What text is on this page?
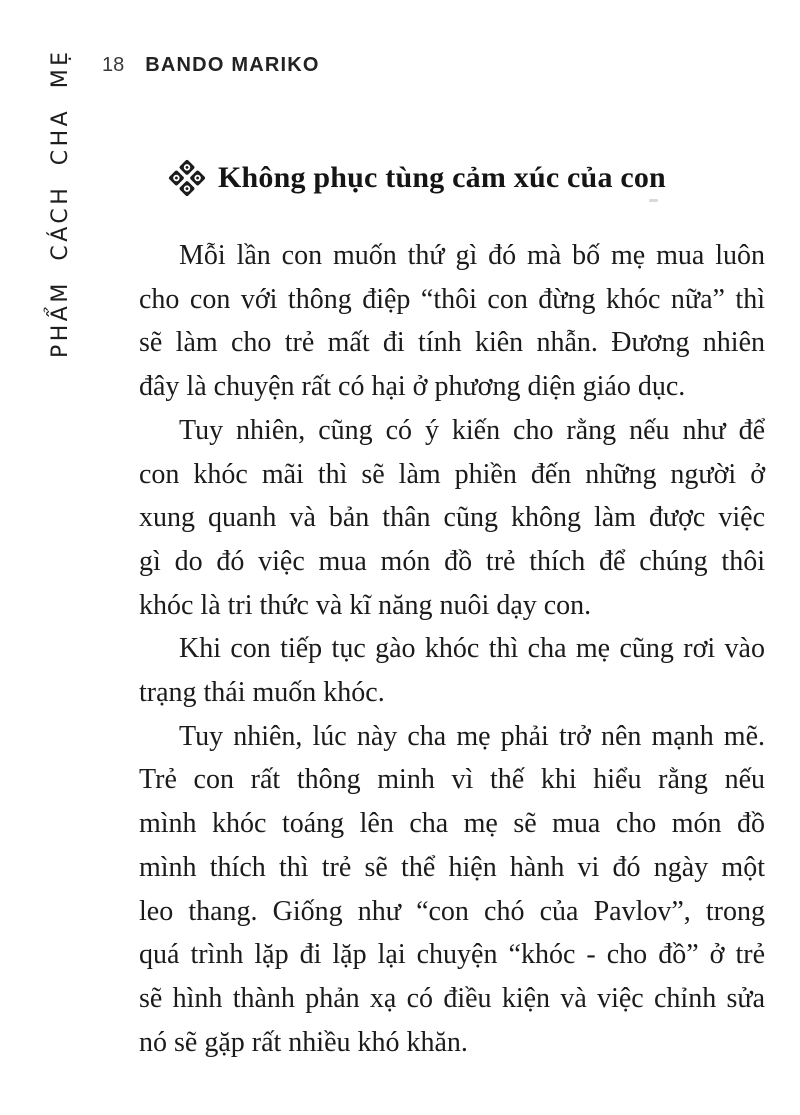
18 BANDO MARIKO
PHẨM CÁCH CHA MẸ	Không phục tùng cảm xúc của con
Mỗi lần con muốn thứ gì đó mà bố mẹ mua luôn
cho con với thông điệp “thôi con đừng khóc nữa” thì
sẽ làm cho trẻ mất đi tính kiên nhẫn. Đương nhiên
đây là chuyện rất có hại ở phương diện giáo dục.
Tuy nhiên, cũng có ý kiến cho rằng nếu như để
con khóc mãi thì sẽ làm phiền đến những người ở
xung quanh và bản thân cũng không làm được việc
gì do đó việc mua món đồ trẻ thích để chúng thôi
khóc là tri thức và kĩ năng nuôi dạy con.
Khi con tiếp tục gào khóc thì cha mẹ cũng rơi vào
trạng thái muốn khóc.
Tuy nhiên, lúc này cha mẹ phải trở nên mạnh mẽ.
Trẻ con rất thông minh vì thế khi hiểu rằng nếu
mình khóc toáng lên cha mẹ sẽ mua cho món đồ
mình thích thì trẻ sẽ thể hiện hành vi đó ngày một
leo thang. Giống như “con chó của Pavlov”, trong
quá trình lặp đi lặp lại chuyện “khóc - cho đồ” ở trẻ
sẽ hình thành phản xạ có điều kiện và việc chỉnh sửa
nó sẽ gặp rất nhiều khó khăn.
